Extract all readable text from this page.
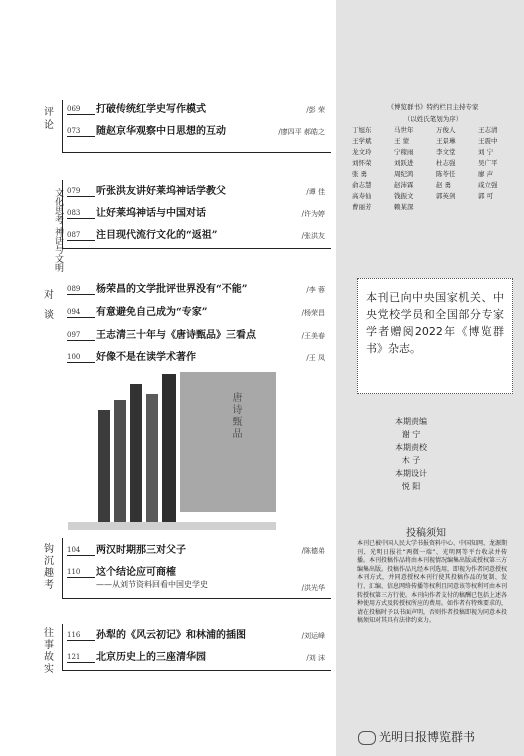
评论
069	打破传统红学史写作模式	/彭 荣
073	随赵京华观察中日思想的互动	/廖四平 郝皓之
文化思考 神话与文明 079	听张洪友讲好莱坞神话学教父	/谭 佳
083	让好莱坞神话与中国对话	/许为婷
087	注目现代流行文化的“返祖”	/张洪友
对谈
089	杨荣昌的文学批评世界没有“不能”	/李 蓉
094	有意避免自己成为“专家”	/杨荣昌
097	王志清三十年与《唐诗甄品》三看点	/王美春
100	好像不是在读学术著作	/王 凤
唐诗甄品
钩沉趣考
104	两汉时期那三对父子	/陈德弟
110	这个结论应可商榷
——从刘节资料回看中国史学史	/洪光华
往事故实
116	孙犁的《风云初记》和林浦的插图	/刘运峰
121	北京历史上的三座清华园	/刘 沫
《博览群书》特约栏目主持专家
（以姓氏笔划为序）
丁旭东	马世年	万俊人	王志清
王学斌	王 蒙	王景琳	王震中
龙文玲	宁稼雨	李文堂	刘 宁
刘怀荣	刘跃进	杜志强	吴广平
张 勇	周纪鸿	陈苓任	廖 声
俞志慧	赵沛霖	赵 勇	咸立强
高寿仙	钱振文	郭英剑	郭 可
曹丽芳	赖某深
本刊已向中央国家机关、中央党校学员和全国部分专家学者赠阅2022年《博览群书》杂志。
本期责编
谢 宁
本期责校
木 子
本期设计
悦 阳
投稿须知
本刊已被中国人民大学书报资料中心、中国知网、龙源期刊、光明日报社“两微一端”、光明网等平台收录并传播。本刊投稿作品将由本刊视情况编集出版或授权第三方编集出版。投稿作品凡经本刊选用，即视为作者同意授权本刊方式，并同意授权本刊行使其投稿作品的复制、发行、汇编、信息网络传播等权利且同意该等权利可由本刊转授权第三方行使。本刊向作者支付的稿酬已包括上述各种使用方式及转授权所应的费用。如作者有特殊要求的，请在投稿时予以书面声明，否则作者投稿即视为同意本投稿须知对其具有法律约束力。
光明日报博览群书
